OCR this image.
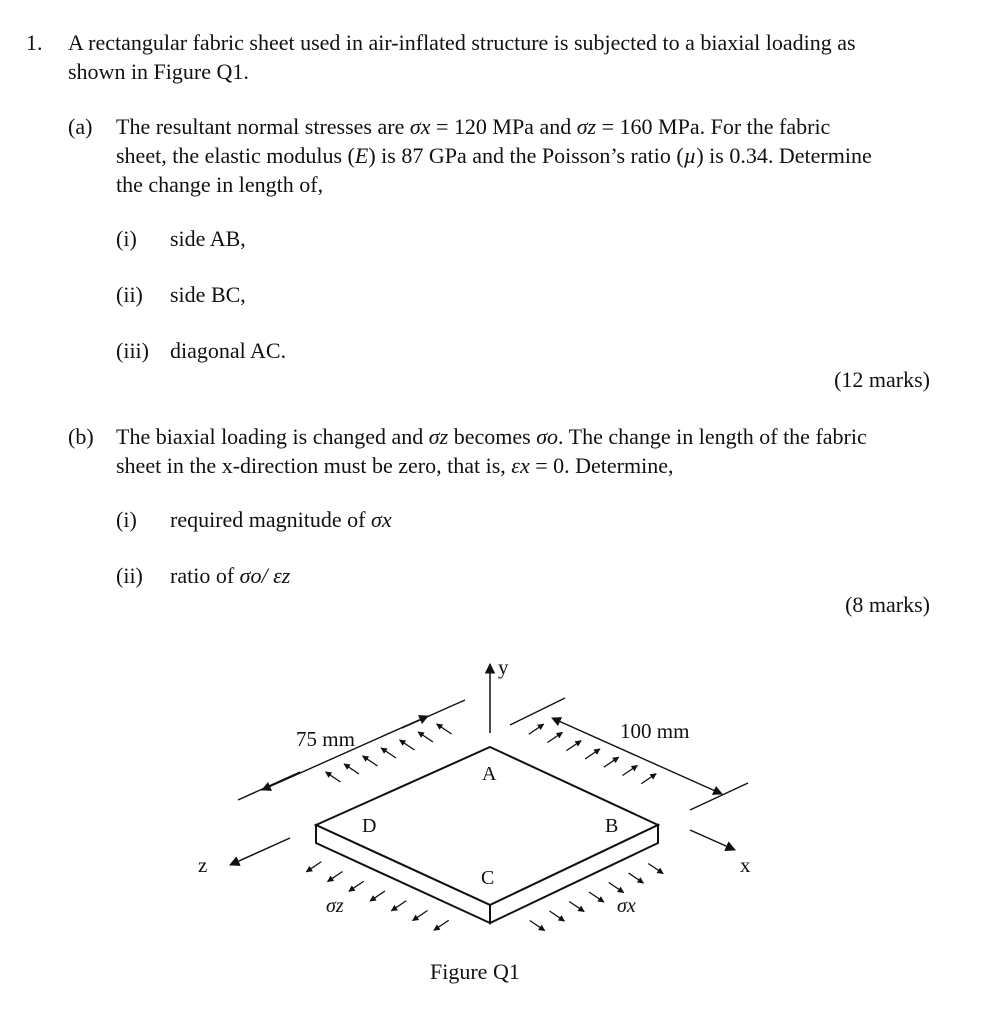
1. A rectangular fabric sheet used in air-inflated structure is subjected to a biaxial loading as
shown in Figure Q1.
(a) The resultant normal stresses are σx = 120 MPa and σz = 160 MPa. For the fabric
sheet, the elastic modulus (E) is 87 GPa and the Poisson’s ratio (µ) is 0.34. Determine
the change in length of,
(i) side AB,
(ii) side BC,
(iii) diagonal AC.
(12 marks)
(b) The biaxial loading is changed and σz becomes σo. The change in length of the fabric
sheet in the x-direction must be zero, that is, εx = 0. Determine,
(i) required magnitude of σx
(ii) ratio of σo/ εz
(8 marks)
75 mm	100 mm
y
z	x
A
B
C
D
σz	σx
Figure Q1
